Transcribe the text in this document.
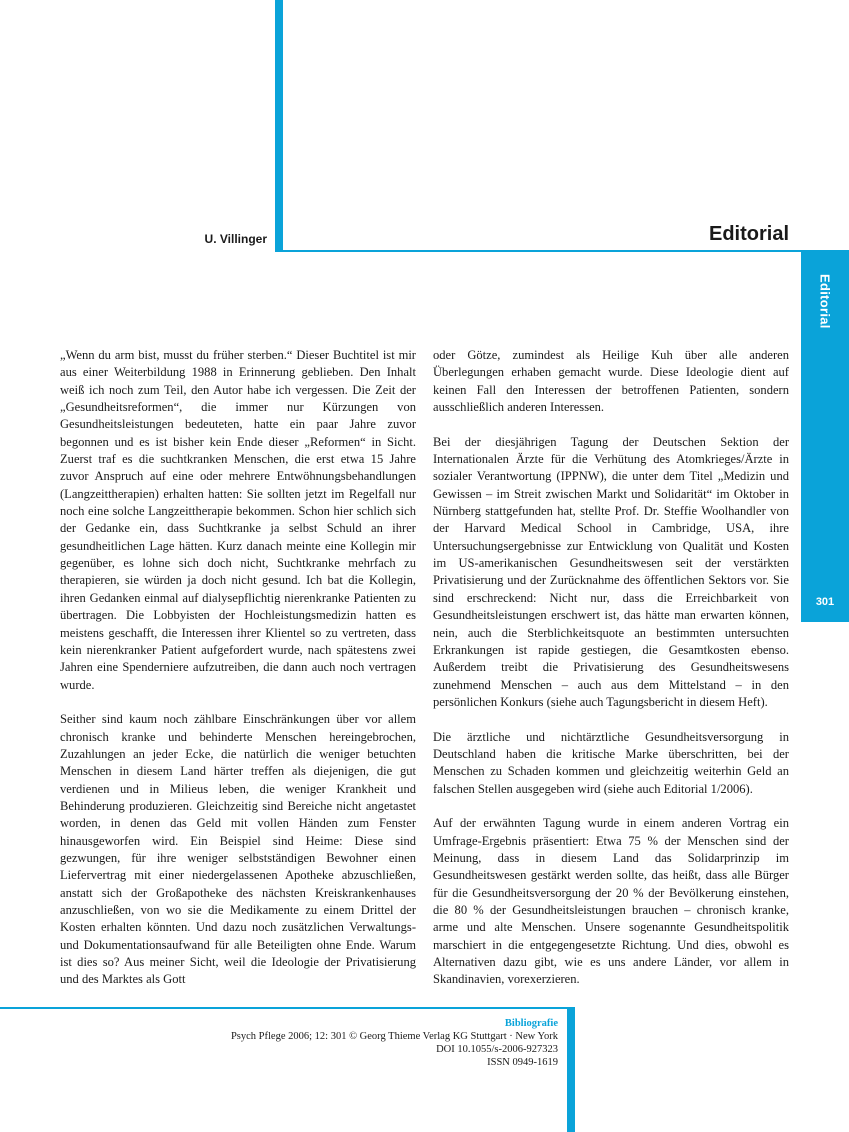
U. Villinger	Editorial
Editorial
301

„Wenn du arm bist, musst du früher sterben.“ Dieser Buchtitel ist mir aus einer Weiterbildung 1988 in Erinnerung geblieben. Den Inhalt weiß ich noch zum Teil, den Autor habe ich vergessen. Die Zeit der „Gesundheitsreformen“, die immer nur Kürzungen von Gesundheitsleistungen bedeuteten, hatte ein paar Jahre zuvor begonnen und es ist bisher kein Ende dieser „Reformen“ in Sicht. Zuerst traf es die suchtkranken Menschen, die erst etwa 15 Jahre zuvor Anspruch auf eine oder mehrere Entwöhnungsbehandlungen (Langzeittherapien) erhalten hatten: Sie sollten jetzt im Regelfall nur noch eine solche Langzeittherapie bekommen. Schon hier schlich sich der Gedanke ein, dass Suchtkranke ja selbst Schuld an ihrer gesundheitlichen Lage hätten. Kurz danach meinte eine Kollegin mir gegenüber, es lohne sich doch nicht, Suchtkranke mehrfach zu therapieren, sie würden ja doch nicht gesund. Ich bat die Kollegin, ihren Gedanken einmal auf dialysepflichtig nierenkranke Patienten zu übertragen. Die Lobbyisten der Hochleistungsmedizin hatten es meistens geschafft, die Interessen ihrer Klientel so zu vertreten, dass kein nierenkranker Patient aufgefordert wurde, nach spätestens zwei Jahren eine Spenderniere aufzutreiben, die dann auch noch vertragen wurde.

Seither sind kaum noch zählbare Einschränkungen über vor allem chronisch kranke und behinderte Menschen hereingebrochen, Zuzahlungen an jeder Ecke, die natürlich die weniger betuchten Menschen in diesem Land härter treffen als diejenigen, die gut verdienen und in Milieus leben, die weniger Krankheit und Behinderung produzieren. Gleichzeitig sind Bereiche nicht angetastet worden, in denen das Geld mit vollen Händen zum Fenster hinausgeworfen wird. Ein Beispiel sind Heime: Diese sind gezwungen, für ihre weniger selbstständigen Bewohner einen Liefervertrag mit einer niedergelassenen Apotheke abzuschließen, anstatt sich der Großapotheke des nächsten Kreiskrankenhauses anzuschließen, von wo sie die Medikamente zu einem Drittel der Kosten erhalten könnten. Und dazu noch zusätzlichen Verwaltungs- und Dokumentationsaufwand für alle Beteiligten ohne Ende. Warum ist dies so? Aus meiner Sicht, weil die Ideologie der Privatisierung und des Marktes als Gott

oder Götze, zumindest als Heilige Kuh über alle anderen Überlegungen erhaben gemacht wurde. Diese Ideologie dient auf keinen Fall den Interessen der betroffenen Patienten, sondern ausschließlich anderen Interessen.

Bei der diesjährigen Tagung der Deutschen Sektion der Internationalen Ärzte für die Verhütung des Atomkrieges/Ärzte in sozialer Verantwortung (IPPNW), die unter dem Titel „Medizin und Gewissen – im Streit zwischen Markt und Solidarität“ im Oktober in Nürnberg stattgefunden hat, stellte Prof. Dr. Steffie Woolhandler von der Harvard Medical School in Cambridge, USA, ihre Untersuchungsergebnisse zur Entwicklung von Qualität und Kosten im US-amerikanischen Gesundheitswesen seit der verstärkten Privatisierung und der Zurücknahme des öffentlichen Sektors vor. Sie sind erschreckend: Nicht nur, dass die Erreichbarkeit von Gesundheitsleistungen erschwert ist, das hätte man erwarten können, nein, auch die Sterblichkeitsquote an bestimmten untersuchten Erkrankungen ist rapide gestiegen, die Gesamtkosten ebenso. Außerdem treibt die Privatisierung des Gesundheitswesens zunehmend Menschen – auch aus dem Mittelstand – in den persönlichen Konkurs (siehe auch Tagungsbericht in diesem Heft).

Die ärztliche und nichtärztliche Gesundheitsversorgung in Deutschland haben die kritische Marke überschritten, bei der Menschen zu Schaden kommen und gleichzeitig weiterhin Geld an falschen Stellen ausgegeben wird (siehe auch Editorial 1/2006).

Auf der erwähnten Tagung wurde in einem anderen Vortrag ein Umfrage-Ergebnis präsentiert: Etwa 75 % der Menschen sind der Meinung, dass in diesem Land das Solidarprinzip im Gesundheitswesen gestärkt werden sollte, das heißt, dass alle Bürger für die Gesundheitsversorgung der 20 % der Bevölkerung einstehen, die 80 % der Gesundheitsleistungen brauchen – chronisch kranke, arme und alte Menschen. Unsere sogenannte Gesundheitspolitik marschiert in die entgegengesetzte Richtung. Und dies, obwohl es Alternativen dazu gibt, wie es uns andere Länder, vor allem in Skandinavien, vorexerzieren.

Bibliografie
Psych Pflege 2006; 12: 301 © Georg Thieme Verlag KG Stuttgart · New York
DOI 10.1055/s-2006-927323
ISSN 0949-1619
